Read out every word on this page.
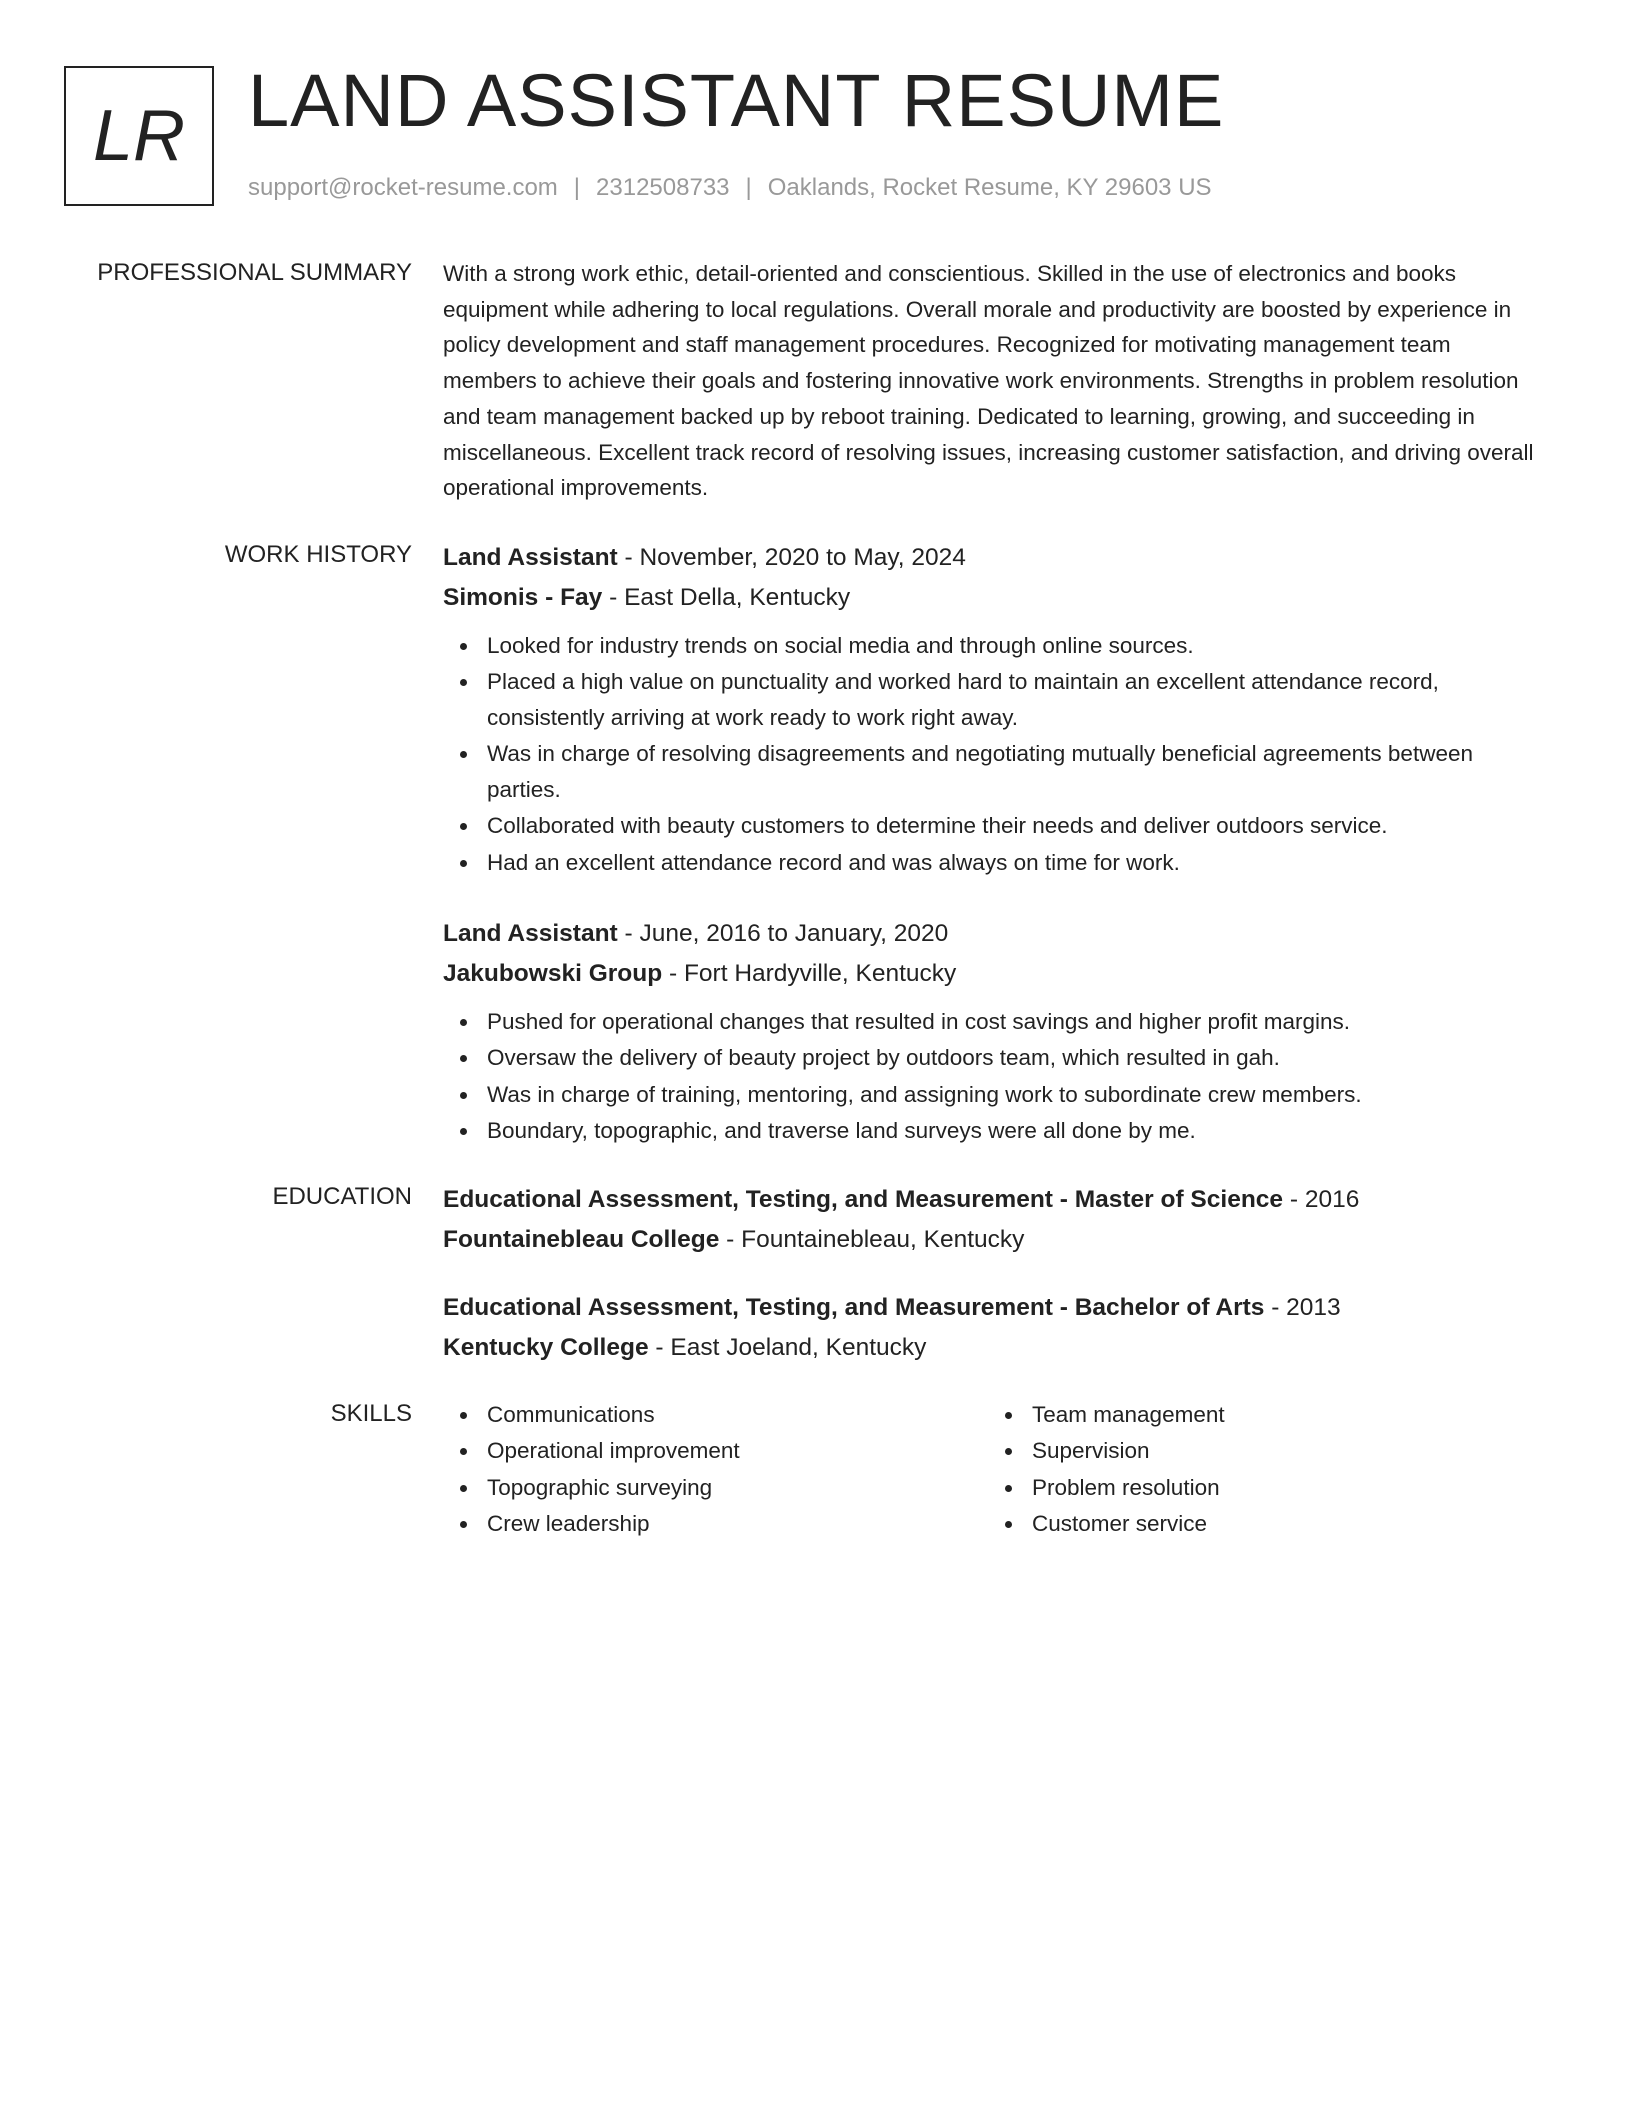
LR LAND ASSISTANT RESUME
support@rocket-resume.com | 2312508733 | Oaklands, Rocket Resume, KY 29603 US
PROFESSIONAL SUMMARY With a strong work ethic, detail-oriented and conscientious. Skilled in the use of electronics and books equipment while adhering to local regulations. Overall morale and productivity are boosted by experience in policy development and staff management procedures. Recognized for motivating management team members to achieve their goals and fostering innovative work environments. Strengths in problem resolution and team management backed up by reboot training. Dedicated to learning, growing, and succeeding in miscellaneous. Excellent track record of resolving issues, increasing customer satisfaction, and driving overall operational improvements.

WORK HISTORY Land Assistant - November, 2020 to May, 2024
Simonis - Fay - East Della, Kentucky
Looked for industry trends on social media and through online sources.
Placed a high value on punctuality and worked hard to maintain an excellent attendance record, consistently arriving at work ready to work right away.
Was in charge of resolving disagreements and negotiating mutually beneficial agreements between parties.
Collaborated with beauty customers to determine their needs and deliver outdoors service.
Had an excellent attendance record and was always on time for work.
Land Assistant - June, 2016 to January, 2020
Jakubowski Group - Fort Hardyville, Kentucky
Pushed for operational changes that resulted in cost savings and higher profit margins.
Oversaw the delivery of beauty project by outdoors team, which resulted in gah.
Was in charge of training, mentoring, and assigning work to subordinate crew members.
Boundary, topographic, and traverse land surveys were all done by me.
EDUCATION Educational Assessment, Testing, and Measurement - Master of Science - 2016
Fountainebleau College - Fountainebleau, Kentucky
Educational Assessment, Testing, and Measurement - Bachelor of Arts - 2013
Kentucky College - East Joeland, Kentucky
SKILLS	Communications
Operational improvement
Topographic surveying
Crew leadership
Team management
Supervision
Problem resolution
Customer service
